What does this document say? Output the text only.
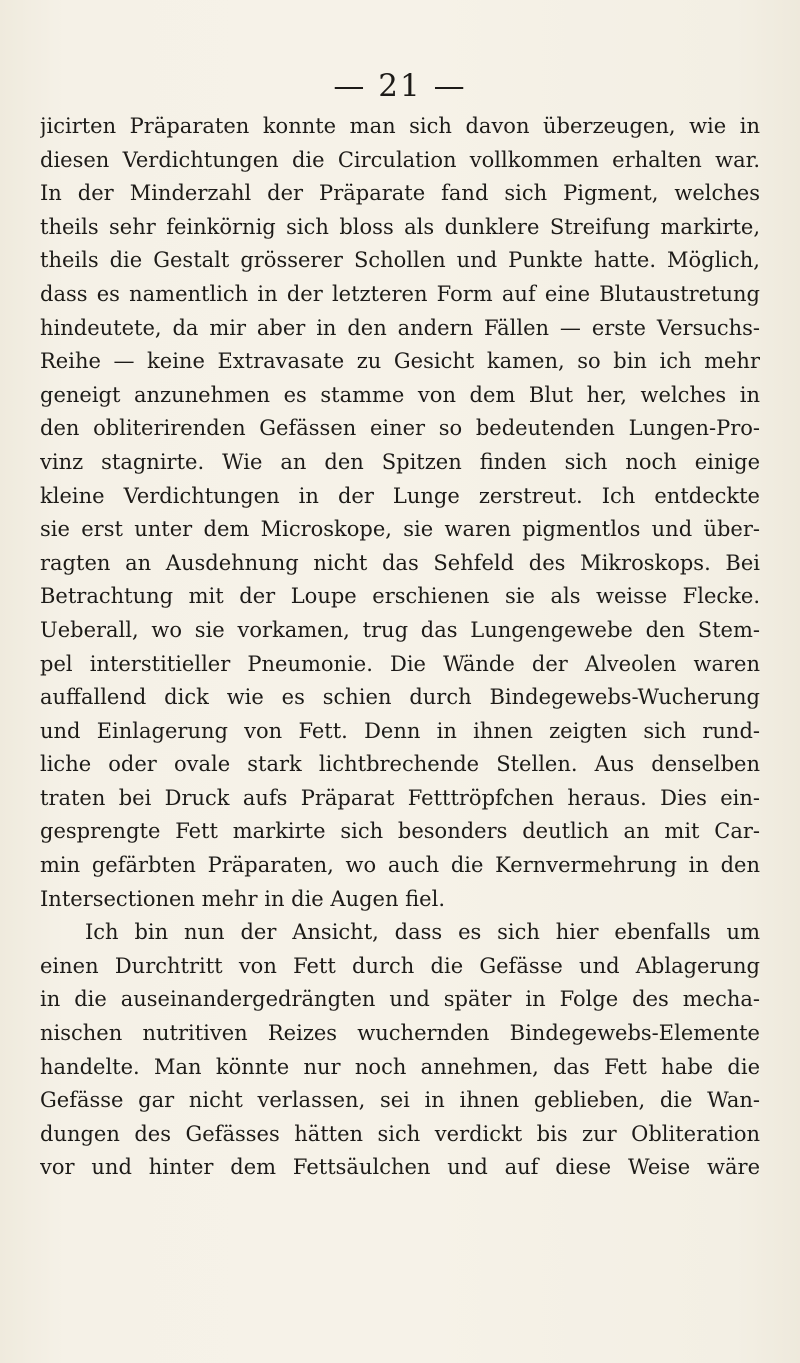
— 21 —
jicirten Präparaten konnte man sich davon überzeugen, wie in
diesen Verdichtungen die Circulation vollkommen erhalten war.
In der Minderzahl der Präparate fand sich Pigment, welches
theils sehr feinkörnig sich bloss als dunklere Streifung markirte,
theils die Gestalt grösserer Schollen und Punkte hatte. Möglich,
dass es namentlich in der letzteren Form auf eine Blutaustretung
hindeutete, da mir aber in den andern Fällen — erste Versuchs-
Reihe — keine Extravasate zu Gesicht kamen, so bin ich mehr
geneigt anzunehmen es stamme von dem Blut her, welches in
den obliterirenden Gefässen einer so bedeutenden Lungen-Pro-
vinz stagnirte. Wie an den Spitzen finden sich noch einige
kleine Verdichtungen in der Lunge zerstreut. Ich entdeckte
sie erst unter dem Microskope, sie waren pigmentlos und über-
ragten an Ausdehnung nicht das Sehfeld des Mikroskops. Bei
Betrachtung mit der Loupe erschienen sie als weisse Flecke.
Ueberall, wo sie vorkamen, trug das Lungengewebe den Stem-
pel interstitieller Pneumonie. Die Wände der Alveolen waren
auffallend dick wie es schien durch Bindegewebs-Wucherung
und Einlagerung von Fett. Denn in ihnen zeigten sich rund-
liche oder ovale stark lichtbrechende Stellen. Aus denselben
traten bei Druck aufs Präparat Fetttröpfchen heraus. Dies ein-
gesprengte Fett markirte sich besonders deutlich an mit Car-
min gefärbten Präparaten, wo auch die Kernvermehrung in den
Intersectionen mehr in die Augen fiel.
Ich bin nun der Ansicht, dass es sich hier ebenfalls um
einen Durchtritt von Fett durch die Gefässe und Ablagerung
in die auseinandergedrängten und später in Folge des mecha-
nischen nutritiven Reizes wuchernden Bindegewebs-Elemente
handelte. Man könnte nur noch annehmen, das Fett habe die
Gefässe gar nicht verlassen, sei in ihnen geblieben, die Wan-
dungen des Gefässes hätten sich verdickt bis zur Obliteration
vor und hinter dem Fettsäulchen und auf diese Weise wäre
